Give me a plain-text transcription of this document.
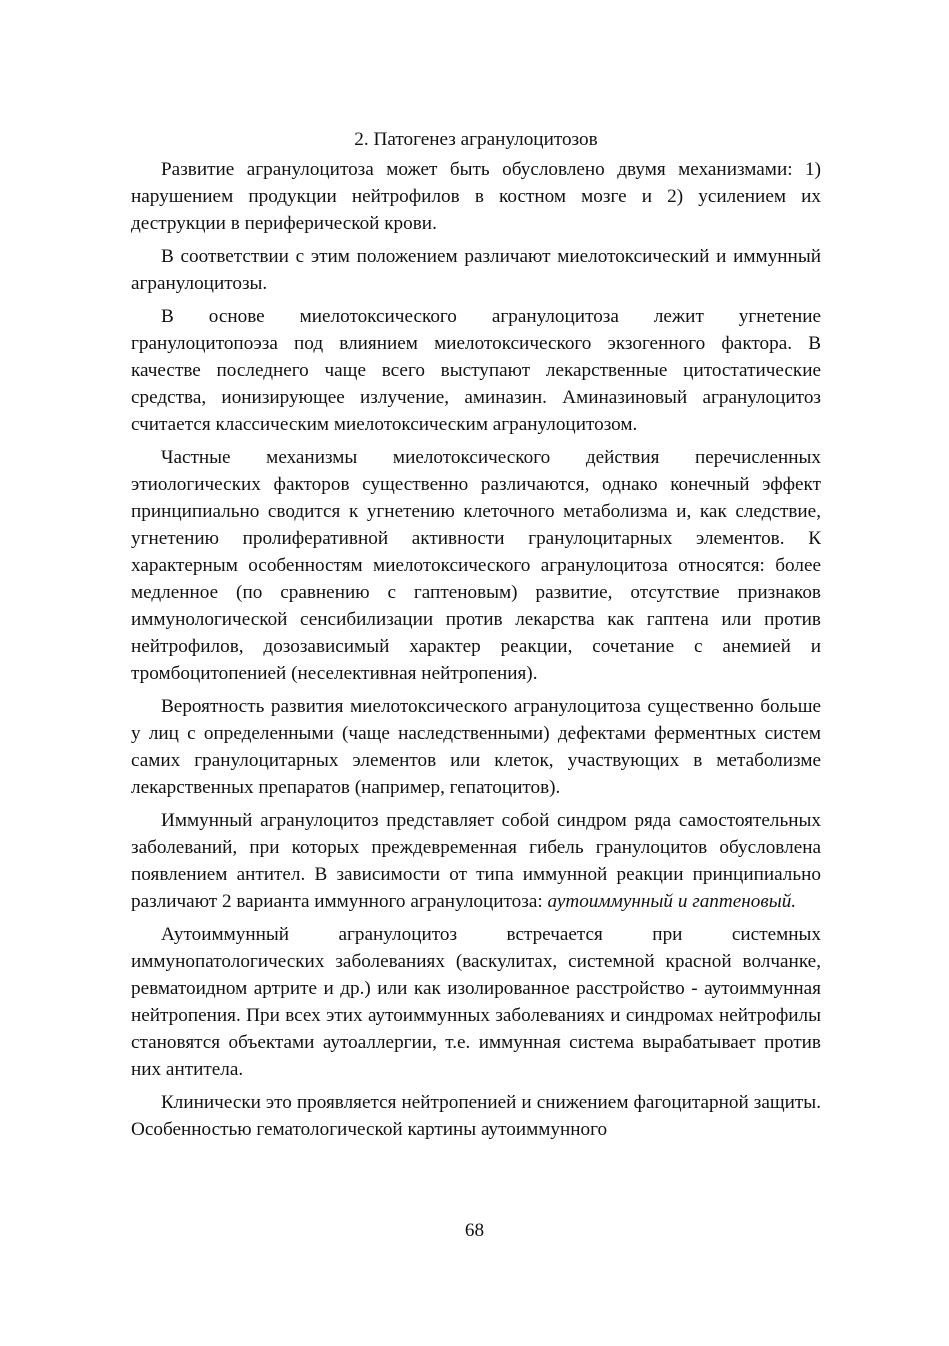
2. Патогенез агранулоцитозов

Развитие агранулоцитоза может быть обусловлено двумя механизмами: 1) нарушением продукции нейтрофилов в костном мозге и 2) усилением их деструкции в периферической крови.

В соответствии с этим положением различают миелотоксический и иммунный агранулоцитозы.

В основе миелотоксического агранулоцитоза лежит угнетение гранулоцитопоэза под влиянием миелотоксического экзогенного фактора. В качестве последнего чаще всего выступают лекарственные цитостатические средства, ионизирующее излучение, аминазин. Аминазиновый агранулоцитоз считается классическим миелотоксическим агранулоцитозом.

Частные механизмы миелотоксического действия перечисленных этиологических факторов существенно различаются, однако конечный эффект принципиально сводится к угнетению клеточного метаболизма и, как следствие, угнетению пролиферативной активности гранулоцитарных элементов. К характерным особенностям миелотоксического агранулоцитоза относятся: более медленное (по сравнению с гаптеновым) развитие, отсутствие признаков иммунологической сенсибилизации против лекарства как гаптена или против нейтрофилов, дозозависимый характер реакции, сочетание с анемией и тромбоцитопенией (неселективная нейтропения).

Вероятность развития миелотоксического агранулоцитоза существенно больше у лиц с определенными (чаще наследственными) дефектами ферментных систем самих гранулоцитарных элементов или клеток, участвующих в метаболизме лекарственных препаратов (например, гепатоцитов).

Иммунный агранулоцитоз представляет собой синдром ряда самостоятельных заболеваний, при которых преждевременная гибель гранулоцитов обусловлена появлением антител. В зависимости от типа иммунной реакции принципиально различают 2 варианта иммунного агранулоцитоза: аутоиммунный и гаптеновый.

Аутоиммунный агранулоцитоз встречается при системных иммунопатологических заболеваниях (васкулитах, системной красной волчанке, ревматоидном артрите и др.) или как изолированное расстройство - аутоиммунная нейтропения. При всех этих аутоиммунных заболеваниях и синдромах нейтрофилы становятся объектами аутоаллергии, т.е. иммунная система вырабатывает против них антитела.

Клинически это проявляется нейтропенией и снижением фагоцитарной защиты. Особенностью гематологической картины аутоиммунного

68
